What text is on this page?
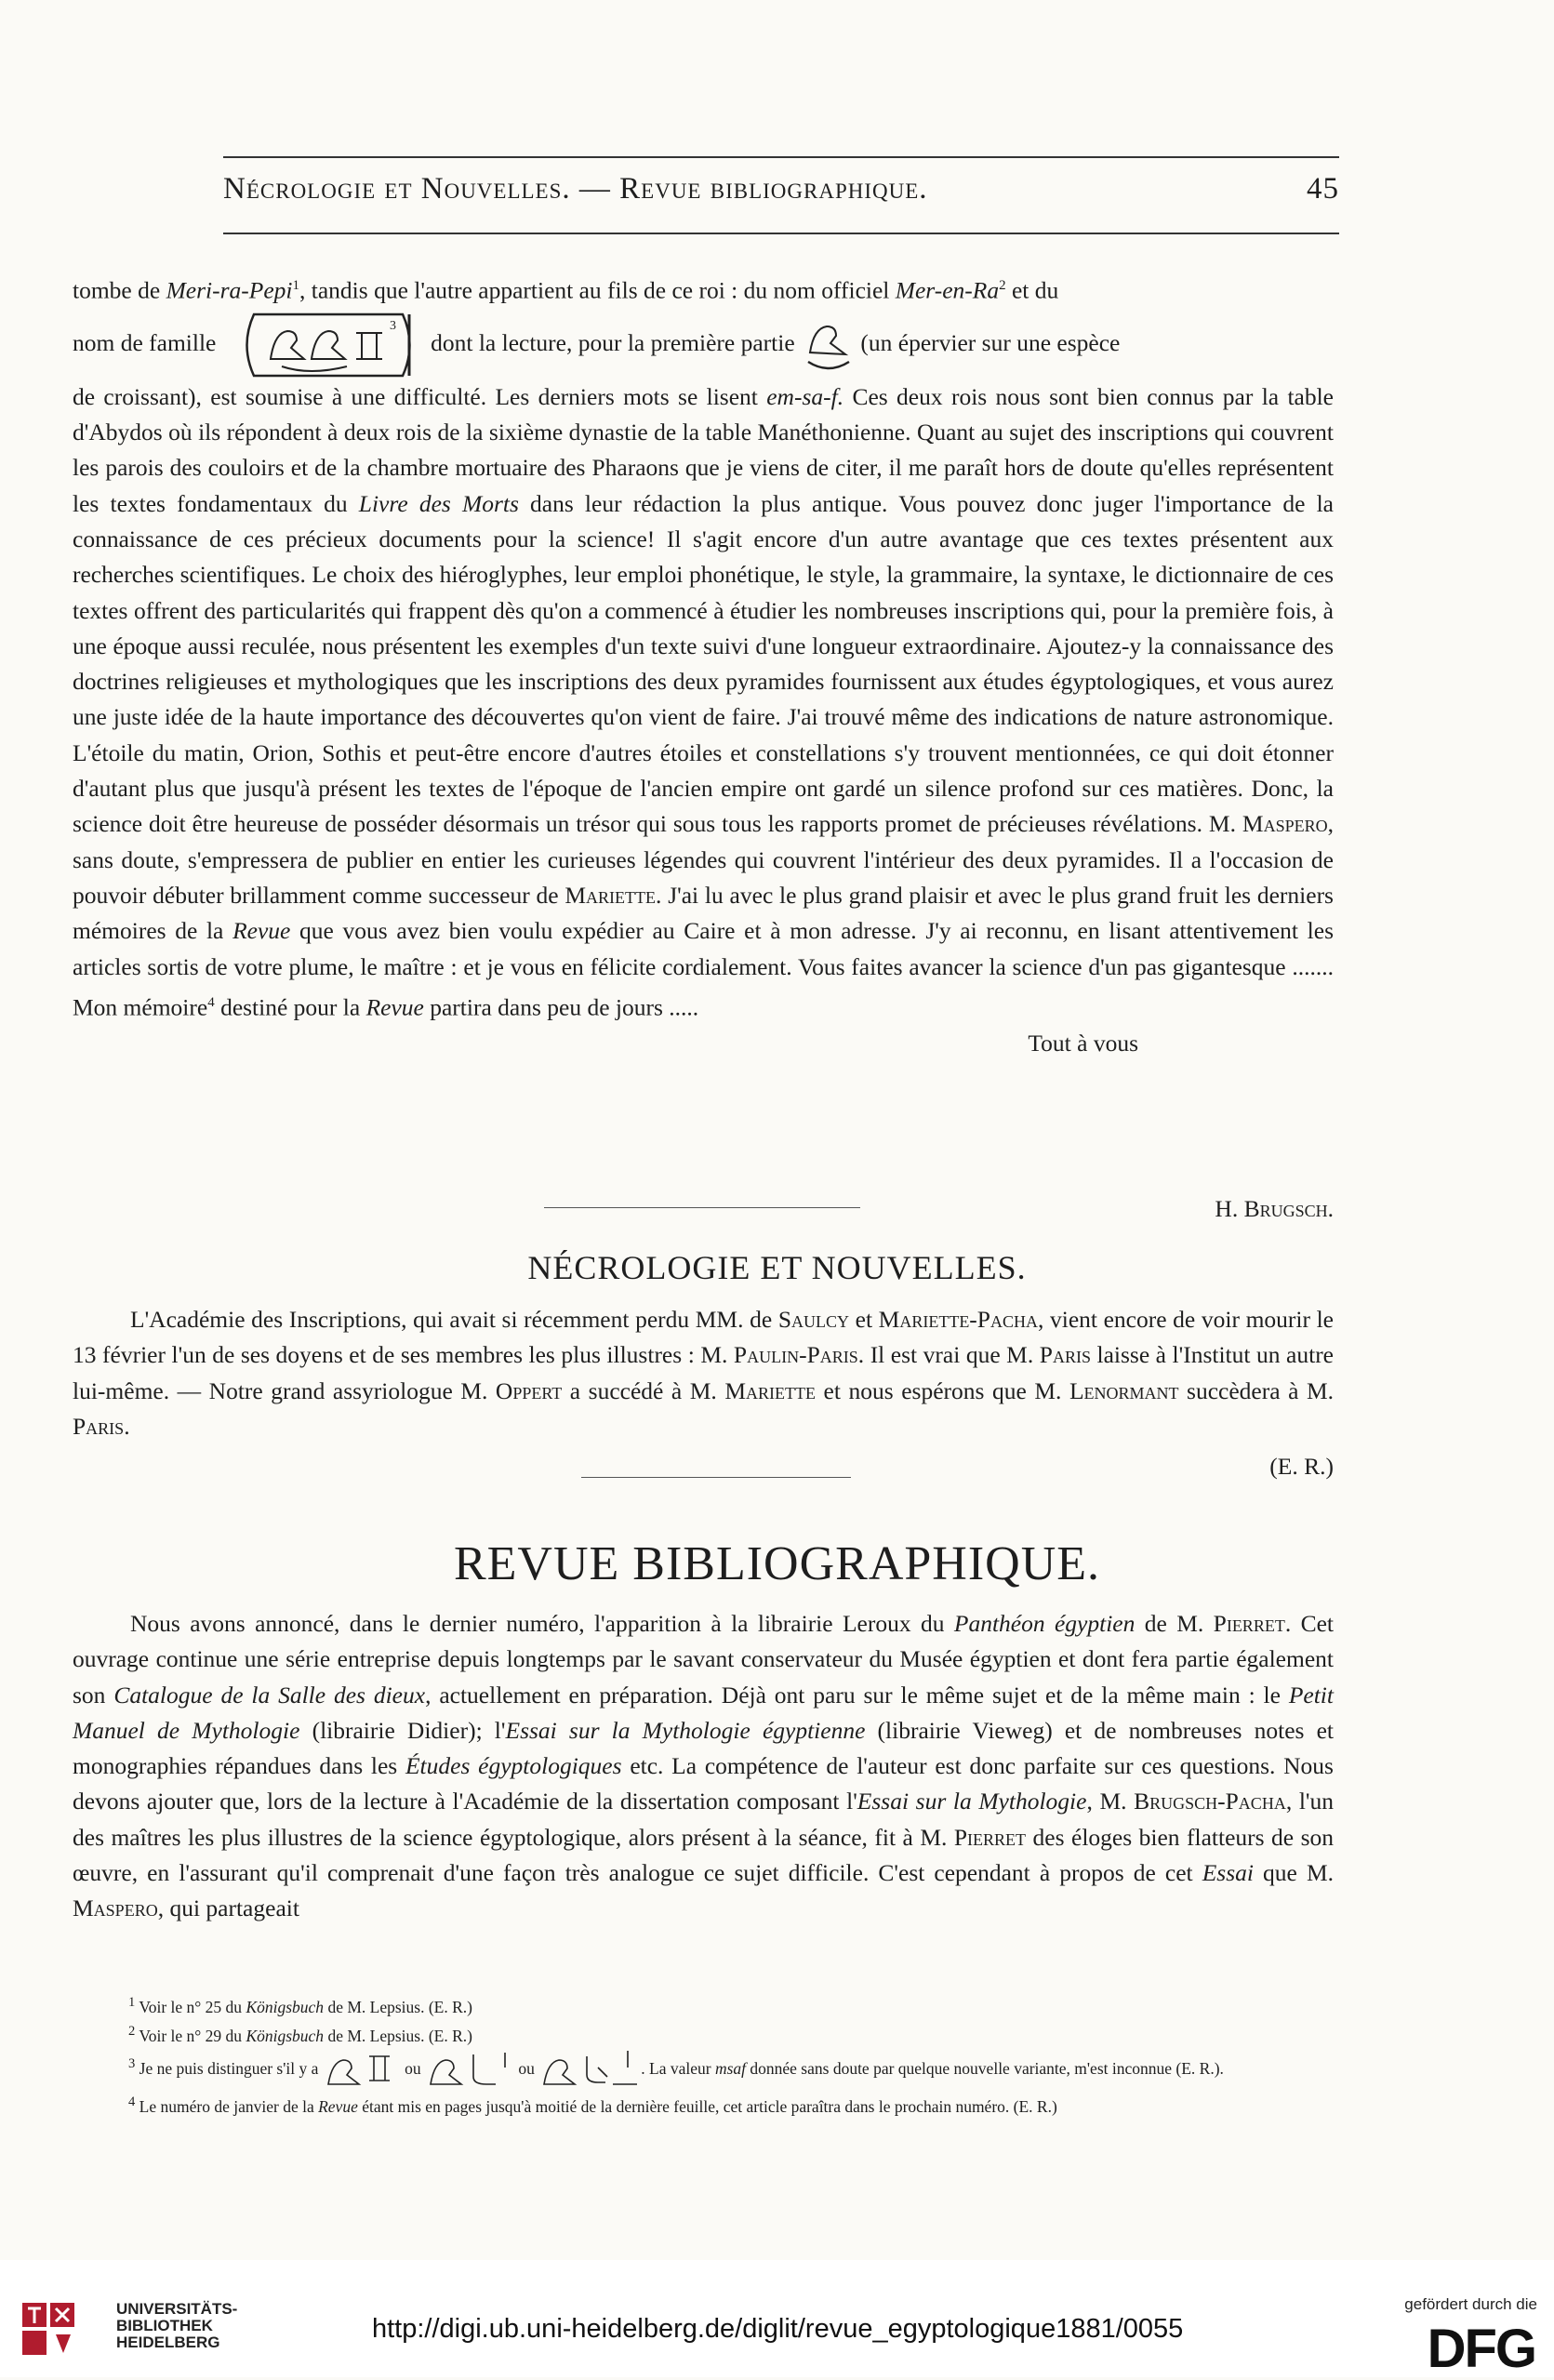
Nécrologie et Nouvelles. — Revue bibliographique.	45

tombe de Meri-ra-Pepi$^1$, tandis que l'autre appartient au fils de ce roi : du nom officiel Mer-en-Ra$^2$ et du
nom de famille
3
dont la lecture, pour la première partie	(un épervier sur une espèce
de croissant), est soumise à une difficulté. Les derniers mots se lisent em-sa-f. Ces deux rois nous sont bien connus par la table d'Abydos où ils répondent à deux rois de la sixième dynastie de la table Manéthonienne. Quant au sujet des inscriptions qui couvrent les parois des couloirs et de la chambre mortuaire des Pharaons que je viens de citer, il me paraît hors de doute qu'elles représentent les textes fondamentaux du Livre des Morts dans leur rédaction la plus antique. Vous pouvez donc juger l'importance de la connaissance de ces précieux documents pour la science! Il s'agit encore d'un autre avantage que ces textes présentent aux recherches scientifiques. Le choix des hiéroglyphes, leur emploi phonétique, le style, la grammaire, la syntaxe, le dictionnaire de ces textes offrent des particularités qui frappent dès qu'on a commencé à étudier les nombreuses inscriptions qui, pour la première fois, à une époque aussi reculée, nous présentent les exemples d'un texte suivi d'une longueur extraordinaire. Ajoutez-y la connaissance des doctrines religieuses et mythologiques que les inscriptions des deux pyramides fournissent aux études égyptologiques, et vous aurez une juste idée de la haute importance des découvertes qu'on vient de faire. J'ai trouvé même des indications de nature astronomique. L'étoile du matin, Orion, Sothis et peut-être encore d'autres étoiles et constellations s'y trouvent mentionnées, ce qui doit étonner d'autant plus que jusqu'à présent les textes de l'époque de l'ancien empire ont gardé un silence profond sur ces matières. Donc, la science doit être heureuse de posséder désormais un trésor qui sous tous les rapports promet de précieuses révélations. M. Maspero, sans doute, s'empressera de publier en entier les curieuses légendes qui couvrent l'intérieur des deux pyramides. Il a l'occasion de pouvoir débuter brillamment comme successeur de Mariette. J'ai lu avec le plus grand plaisir et avec le plus grand fruit les derniers mémoires de la Revue que vous avez bien voulu expédier au Caire et à mon adresse. J'y ai reconnu, en lisant attentivement les articles sortis de votre plume, le maître : et je vous en félicite cordialement. Vous faites avancer la science d'un pas gigantesque ....... Mon mémoire$^4$ destiné pour la Revue partira dans peu de jours .....

Tout à vous

H. Brugsch.

NÉCROLOGIE ET NOUVELLES.

L'Académie des Inscriptions, qui avait si récemment perdu MM. de Saulcy et Mariette-Pacha, vient encore de voir mourir le 13 février l'un de ses doyens et de ses membres les plus illustres : M. Paulin-Paris. Il est vrai que M. Paris laisse à l'Institut un autre lui-même. — Notre grand assyriologue M. Oppert a succédé à M. Mariette et nous espérons que M. Lenormant succèdera à M. Paris.

(E. R.)

REVUE BIBLIOGRAPHIQUE.

Nous avons annoncé, dans le dernier numéro, l'apparition à la librairie Leroux du Panthéon égyptien de M. Pierret. Cet ouvrage continue une série entreprise depuis longtemps par le savant conservateur du Musée égyptien et dont fera partie également son Catalogue de la Salle des dieux, actuellement en préparation. Déjà ont paru sur le même sujet et de la même main : le Petit Manuel de Mythologie (librairie Didier); l'Essai sur la Mythologie égyptienne (librairie Vieweg) et de nombreuses notes et monographies répandues dans les Études égyptologiques etc. La compétence de l'auteur est donc parfaite sur ces questions. Nous devons ajouter que, lors de la lecture à l'Académie de la dissertation composant l'Essai sur la Mythologie, M. Brugsch-Pacha, l'un des maîtres les plus illustres de la science égyptologique, alors présent à la séance, fit à M. Pierret des éloges bien flatteurs de son œuvre, en l'assurant qu'il comprenait d'une façon très analogue ce sujet difficile. C'est cependant à propos de cet Essai que M. Maspero, qui partageait

$^1$ Voir le n° 25 du Königsbuch de M. Lepsius. (E. R.)

$^2$ Voir le n° 29 du Königsbuch de M. Lepsius. (E. R.)

$^3$ Je ne puis distinguer s'il y a	ou	ou	. La valeur msaf donnée sans doute par quelque nouvelle variante, m'est inconnue (E. R.).

$^4$ Le numéro de janvier de la Revue étant mis en pages jusqu'à moitié de la dernière feuille, cet article paraîtra dans le prochain numéro. (E. R.)

UNIVERSITÄTS-
BIBLIOTHEK
HEIDELBERG	http://digi.ub.uni-heidelberg.de/diglit/revue_egyptologique1881/0055
gefördert durch die
DFG
